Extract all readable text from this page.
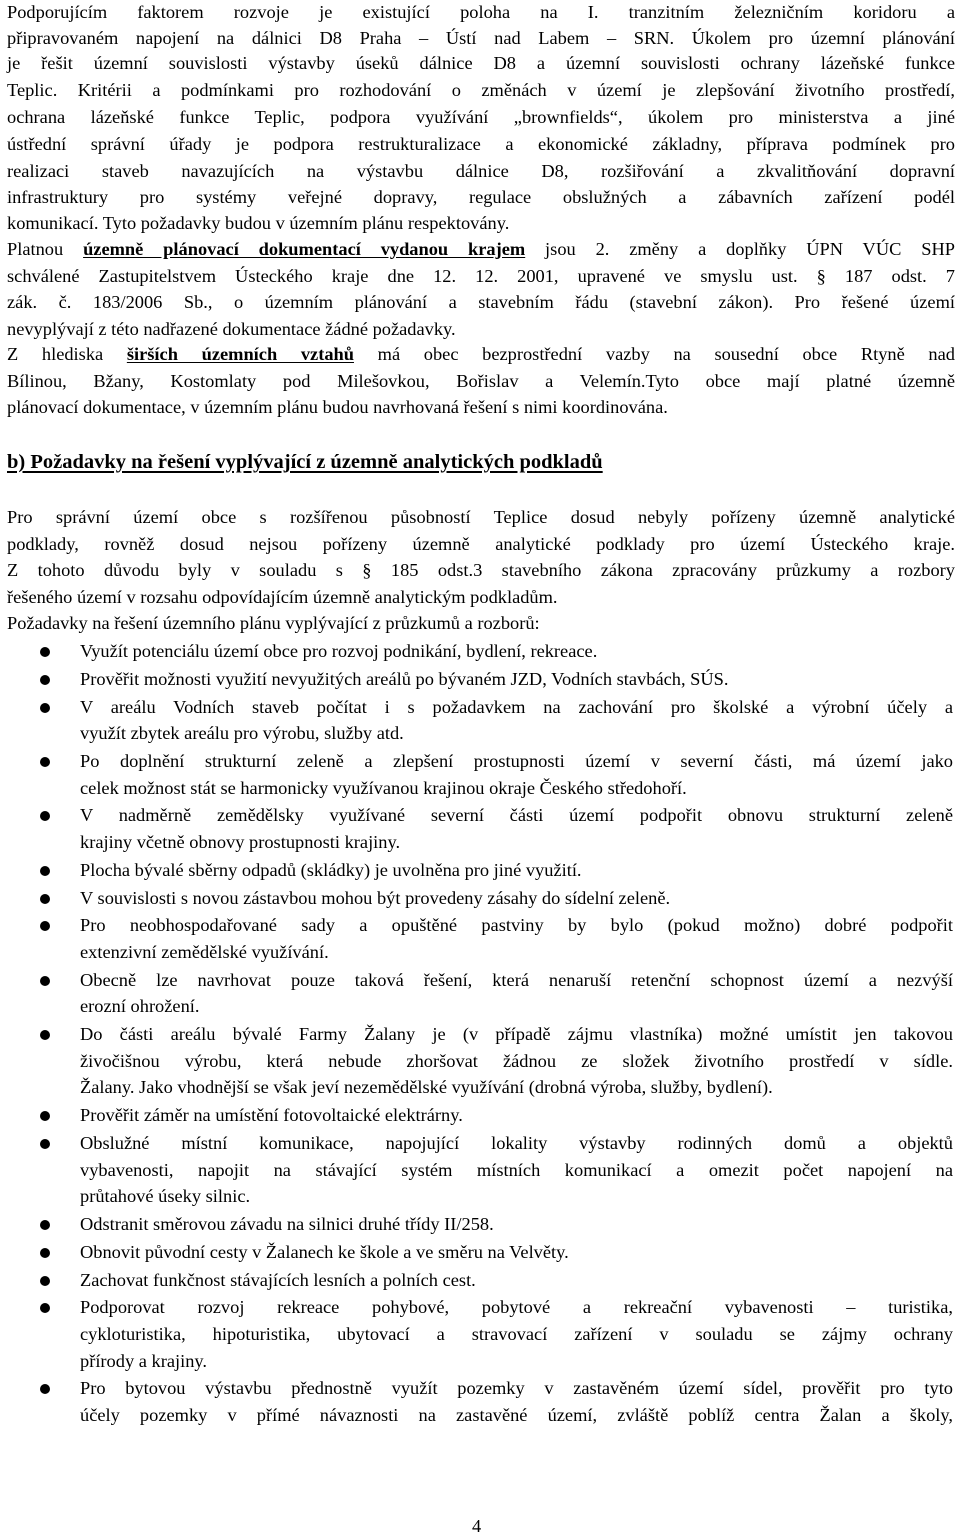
Podporujícím faktorem rozvoje je existující poloha na I. tranzitním železničním koridoru a
připravovaném napojení na dálnici D8 Praha – Ústí nad Labem – SRN. Úkolem pro územní plánování
je řešit územní souvislosti výstavby úseků dálnice D8 a územní souvislosti ochrany lázeňské funkce
Teplic. Kritérii a podmínkami pro rozhodování o změnách v území je zlepšování životního prostředí,
ochrana lázeňské funkce Teplic, podpora využívání „brownfields“, úkolem pro ministerstva a jiné
ústřední správní úřady je podpora restrukturalizace a ekonomické základny, příprava podmínek pro
realizaci staveb navazujících na výstavbu dálnice D8, rozšiřování a zkvalitňování dopravní
infrastruktury pro systémy veřejné dopravy, regulace obslužných a zábavních zařízení podél
komunikací. Tyto požadavky budou v územním plánu respektovány.
Platnou územně plánovací dokumentací vydanou krajem jsou 2. změny a doplňky ÚPN VÚC SHP
schválené Zastupitelstvem Ústeckého kraje dne 12. 12. 2001, upravené ve smyslu ust. § 187 odst. 7
zák. č. 183/2006 Sb., o územním plánování a stavebním řádu (stavební zákon). Pro řešené území
nevyplývají z této nadřazené dokumentace žádné požadavky.
Z hlediska širších územních vztahů má obec bezprostřední vazby na sousední obce Rtyně nad
Bílinou, Bžany, Kostomlaty pod Milešovkou, Bořislav a Velemín.Tyto obce mají platné územně
plánovací dokumentace, v územním plánu budou navrhovaná řešení s nimi koordinována.
b) Požadavky na řešení vyplývající z územně analytických podkladů
Pro správní území obce s rozšířenou působností Teplice dosud nebyly pořízeny územně analytické
podklady, rovněž dosud nejsou pořízeny územně analytické podklady pro území Ústeckého kraje.
Z tohoto důvodu byly v souladu s § 185 odst.3 stavebního zákona zpracovány průzkumy a rozbory
řešeného území v rozsahu odpovídajícím územně analytickým podkladům.
Požadavky na řešení územního plánu vyplývající z průzkumů a rozborů:
Využít potenciálu území obce pro rozvoj podnikání, bydlení, rekreace.
Prověřit možnosti využití nevyužitých areálů po bývaném JZD, Vodních stavbách, SÚS.
V areálu Vodních staveb počítat i s požadavkem na zachování pro školské a výrobní účely a
využít zbytek areálu pro výrobu, služby atd.
Po doplnění strukturní zeleně a zlepšení prostupnosti území v severní části, má území jako
celek možnost stát se harmonicky využívanou krajinou okraje Českého středohoří.
V nadměrně zemědělsky využívané severní části území podpořit obnovu strukturní zeleně
krajiny včetně obnovy prostupnosti krajiny.
Plocha bývalé sběrny odpadů (skládky) je uvolněna pro jiné využití.
V souvislosti s novou zástavbou mohou být provedeny zásahy do sídelní zeleně.
Pro neobhospodařované sady a opuštěné pastviny by bylo (pokud možno) dobré podpořit
extenzivní zemědělské využívání.
Obecně lze navrhovat pouze taková řešení, která nenaruší retenční schopnost území a nezvýší
erozní ohrožení.
Do části areálu bývalé Farmy Žalany je (v případě zájmu vlastníka) možné umístit jen takovou
živočišnou výrobu, která nebude zhoršovat žádnou ze složek životního prostředí v sídle.
Žalany. Jako vhodnější se však jeví nezemědělské využívání (drobná výroba, služby, bydlení).
Prověřit záměr na umístění fotovoltaické elektrárny.
Obslužné místní komunikace, napojující lokality výstavby rodinných domů a objektů
vybavenosti, napojit na stávající systém místních komunikací a omezit počet napojení na
průtahové úseky silnic.
Odstranit směrovou závadu na silnici druhé třídy II/258.
Obnovit původní cesty v Žalanech ke škole a ve směru na Velvěty.
Zachovat funkčnost stávajících lesních a polních cest.
Podporovat rozvoj rekreace pohybové, pobytové a rekreační vybavenosti – turistika,
cykloturistika, hipoturistika, ubytovací a stravovací zařízení v souladu se zájmy ochrany
přírody a krajiny.
Pro bytovou výstavbu přednostně využít pozemky v zastavěném území sídel, prověřit pro tyto
účely pozemky v přímé návaznosti na zastavěné území, zvláště poblíž centra Žalan a školy,
4
